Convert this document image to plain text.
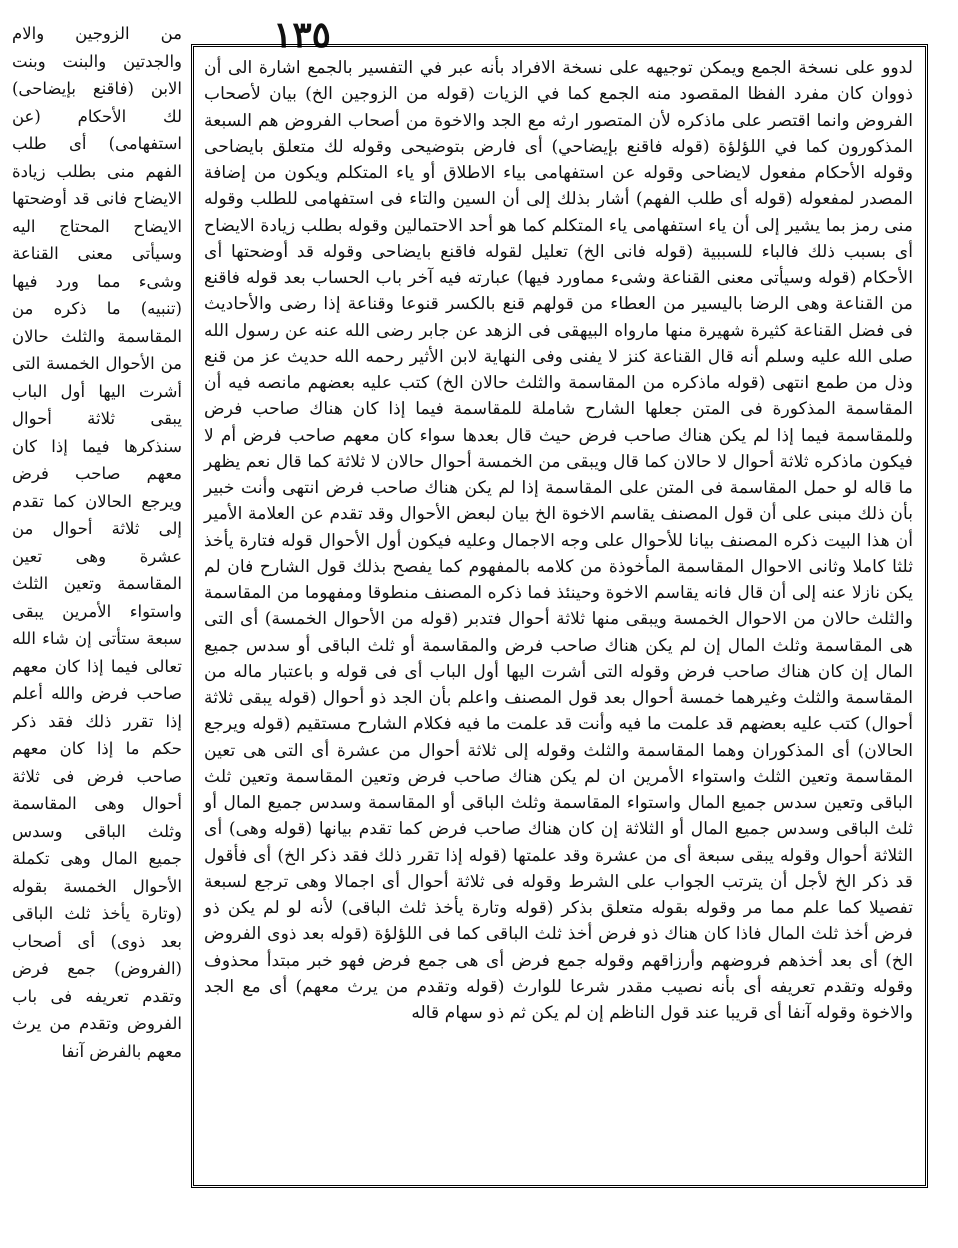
١٣٥

من الزوجين والام والجدتين والبنت وبنت الابن (فاقنع بإيضاحى) لك الأحكام (عن استفهامى) أى طلب الفهم منى بطلب زيادة الايضاح فانى قد أوضحتها الايضاح المحتاج اليه وسيأتى معنى القناعة وشىء مما ورد فيها (تنبيه) ما ذكره من المقاسمة والثلث حالان من الأحوال الخمسة التى أشرت اليها أول الباب يبقى ثلاثة أحوال سنذكرها فيما إذا كان معهم صاحب فرض ويرجع الحالان كما تقدم إلى ثلاثة أحوال من عشرة وهى تعين المقاسمة وتعين الثلث واستواء الأمرين يبقى سبعة ستأتى إن شاء الله تعالى فيما إذا كان معهم صاحب فرض والله أعلم إذا تقرر ذلك فقد ذكر حكم ما إذا كان معهم صاحب فرض فى ثلاثة أحوال وهى المقاسمة وثلث الباقى وسدس جميع المال وهى تكملة الأحوال الخمسة بقوله (وتارة يأخذ ثلث الباقى بعد ذوى) أى أصحاب (الفروض) جمع فرض وتقدم تعريفه فى باب الفروض وتقدم من يرث معهم بالفرض آنفا

لدوو على نسخة الجمع ويمكن توجيهه على نسخة الافراد بأنه عبر في التفسير بالجمع اشارة الى أن ذووان كان مفرد الفظا المقصود منه الجمع كما في الزيات (قوله من الزوجين الخ) بيان لأصحاب الفروض وانما اقتصر على ماذكره لأن المتصور ارثه مع الجد والاخوة من أصحاب الفروض هم السبعة المذكورون كما في اللؤلؤة (قوله فاقنع بإيضاحي) أى فارض بتوضيحى وقوله لك متعلق بايضاحى وقوله الأحكام مفعول لايضاحى وقوله عن استفهامى بياء الاطلاق أو ياء المتكلم ويكون من إضافة المصدر لمفعوله (قوله أى طلب الفهم) أشار بذلك إلى أن السين والتاء فى استفهامى للطلب وقوله منى رمز بما يشير إلى أن ياء استفهامى ياء المتكلم كما هو أحد الاحتمالين وقوله بطلب زيادة الايضاح أى بسبب ذلك فالباء للسببية (قوله فانى الخ) تعليل لقوله فاقنع بايضاحى وقوله قد أوضحتها أى الأحكام (قوله وسيأتى معنى القناعة وشىء مماورد فيها) عبارته فيه آخر باب الحساب بعد قوله فاقنع من القناعة وهى الرضا باليسير من العطاء من قولهم قنع بالكسر قنوعا وقناعة إذا رضى والأحاديث فى فضل القناعة كثيرة شهيرة منها مارواه البيهقى فى الزهد عن جابر رضى الله عنه عن رسول الله صلى الله عليه وسلم أنه قال القناعة كنز لا يفنى وفى النهاية لابن الأثير رحمه الله حديث عز من قنع وذل من طمع انتهى (قوله ماذكره من المقاسمة والثلث حالان الخ) كتب عليه بعضهم مانصه فيه أن المقاسمة المذكورة فى المتن جعلها الشارح شاملة للمقاسمة فيما إذا كان هناك صاحب فرض وللمقاسمة فيما إذا لم يكن هناك صاحب فرض حيث قال بعدها سواء كان معهم صاحب فرض أم لا فيكون ماذكره ثلاثة أحوال لا حالان كما قال ويبقى من الخمسة أحوال حالان لا ثلاثة كما قال نعم يظهر ما قاله لو حمل المقاسمة فى المتن على المقاسمة إذا لم يكن هناك صاحب فرض انتهى وأنت خبير بأن ذلك مبنى على أن قول المصنف يقاسم الاخوة الخ بيان لبعض الأحوال وقد تقدم عن العلامة الأمير أن هذا البيت ذكره المصنف بيانا للأحوال على وجه الاجمال وعليه فيكون أول الأحوال قوله فتارة يأخذ ثلثا كاملا وثانى الاحوال المقاسمة المأخوذة من كلامه بالمفهوم كما يفصح بذلك قول الشارح فان لم يكن نازلا عنه إلى أن قال فانه يقاسم الاخوة وحينئذ فما ذكره المصنف منطوقا ومفهوما من المقاسمة والثلث حالان من الاحوال الخمسة ويبقى منها ثلاثة أحوال فتدبر (قوله من الأحوال الخمسة) أى التى هى المقاسمة وثلث المال إن لم يكن هناك صاحب فرض والمقاسمة أو ثلث الباقى أو سدس جميع المال إن كان هناك صاحب فرض وقوله التى أشرت اليها أول الباب أى فى قوله و باعتبار ماله من المقاسمة والثلث وغيرهما خمسة أحوال بعد قول المصنف واعلم بأن الجد ذو أحوال (قوله يبقى ثلاثة أحوال) كتب عليه بعضهم قد علمت ما فيه وأنت قد علمت ما فيه فكلام الشارح مستقيم (قوله ويرجع الحالان) أى المذكوران وهما المقاسمة والثلث وقوله إلى ثلاثة أحوال من عشرة أى التى هى تعين المقاسمة وتعين الثلث واستواء الأمرين ان لم يكن هناك صاحب فرض وتعين المقاسمة وتعين ثلث الباقى وتعين سدس جميع المال واستواء المقاسمة وثلث الباقى أو المقاسمة وسدس جميع المال أو ثلث الباقى وسدس جميع المال أو الثلاثة إن كان هناك صاحب فرض كما تقدم بيانها (قوله وهى) أى الثلاثة أحوال وقوله يبقى سبعة أى من عشرة وقد علمتها (قوله إذا تقرر ذلك فقد ذكر الخ) أى فأقول قد ذكر الخ لأجل أن يترتب الجواب على الشرط وقوله فى ثلاثة أحوال أى اجمالا وهى ترجع لسبعة تفصيلا كما علم مما مر وقوله بقوله متعلق بذكر (قوله وتارة يأخذ ثلث الباقى) لأنه لو لم يكن ذو فرض أخذ ثلث المال فاذا كان هناك ذو فرض أخذ ثلث الباقى كما فى اللؤلؤة (قوله بعد ذوى الفروض الخ) أى بعد أخذهم فروضهم وأرزاقهم وقوله جمع فرض أى هى جمع فرض فهو خبر مبتدأ محذوف وقوله وتقدم تعريفه أى بأنه نصيب مقدر شرعا للوارث (قوله وتقدم من يرث معهم) أى مع الجد والاخوة وقوله آنفا أى قريبا عند قول الناظم إن لم يكن ثم ذو سهام قاله
